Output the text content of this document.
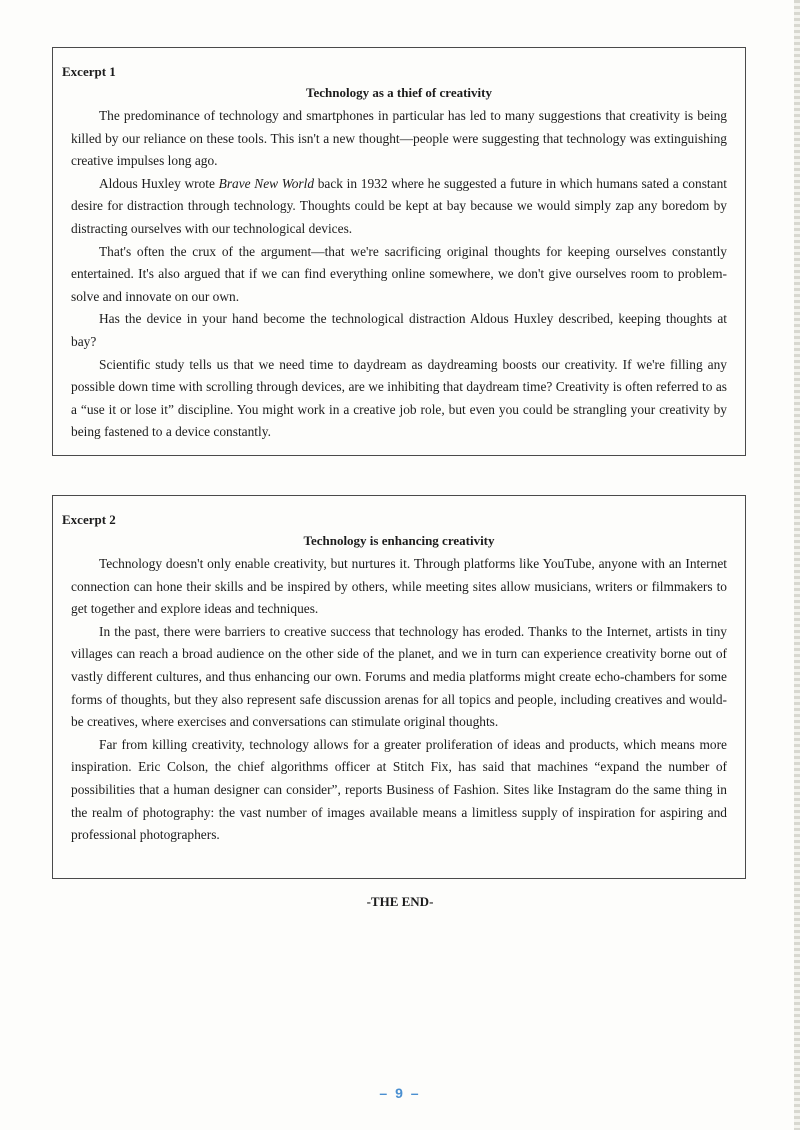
Excerpt 1
Technology as a thief of creativity

The predominance of technology and smartphones in particular has led to many suggestions that creativity is being killed by our reliance on these tools. This isn't a new thought—people were suggesting that technology was extinguishing creative impulses long ago.

Aldous Huxley wrote Brave New World back in 1932 where he suggested a future in which humans sated a constant desire for distraction through technology. Thoughts could be kept at bay because we would simply zap any boredom by distracting ourselves with our technological devices.

That's often the crux of the argument—that we're sacrificing original thoughts for keeping ourselves constantly entertained. It's also argued that if we can find everything online somewhere, we don't give ourselves room to problem-solve and innovate on our own.

Has the device in your hand become the technological distraction Aldous Huxley described, keeping thoughts at bay?

Scientific study tells us that we need time to daydream as daydreaming boosts our creativity. If we're filling any possible down time with scrolling through devices, are we inhibiting that daydream time? Creativity is often referred to as a “use it or lose it” discipline. You might work in a creative job role, but even you could be strangling your creativity by being fastened to a device constantly.

Excerpt 2
Technology is enhancing creativity

Technology doesn't only enable creativity, but nurtures it. Through platforms like YouTube, anyone with an Internet connection can hone their skills and be inspired by others, while meeting sites allow musicians, writers or filmmakers to get together and explore ideas and techniques.

In the past, there were barriers to creative success that technology has eroded. Thanks to the Internet, artists in tiny villages can reach a broad audience on the other side of the planet, and we in turn can experience creativity borne out of vastly different cultures, and thus enhancing our own. Forums and media platforms might create echo-chambers for some forms of thoughts, but they also represent safe discussion arenas for all topics and people, including creatives and would-be creatives, where exercises and conversations can stimulate original thoughts.

Far from killing creativity, technology allows for a greater proliferation of ideas and products, which means more inspiration. Eric Colson, the chief algorithms officer at Stitch Fix, has said that machines “expand the number of possibilities that a human designer can consider”, reports Business of Fashion. Sites like Instagram do the same thing in the realm of photography: the vast number of images available means a limitless supply of inspiration for aspiring and professional photographers.

-THE END-
– 9 –
